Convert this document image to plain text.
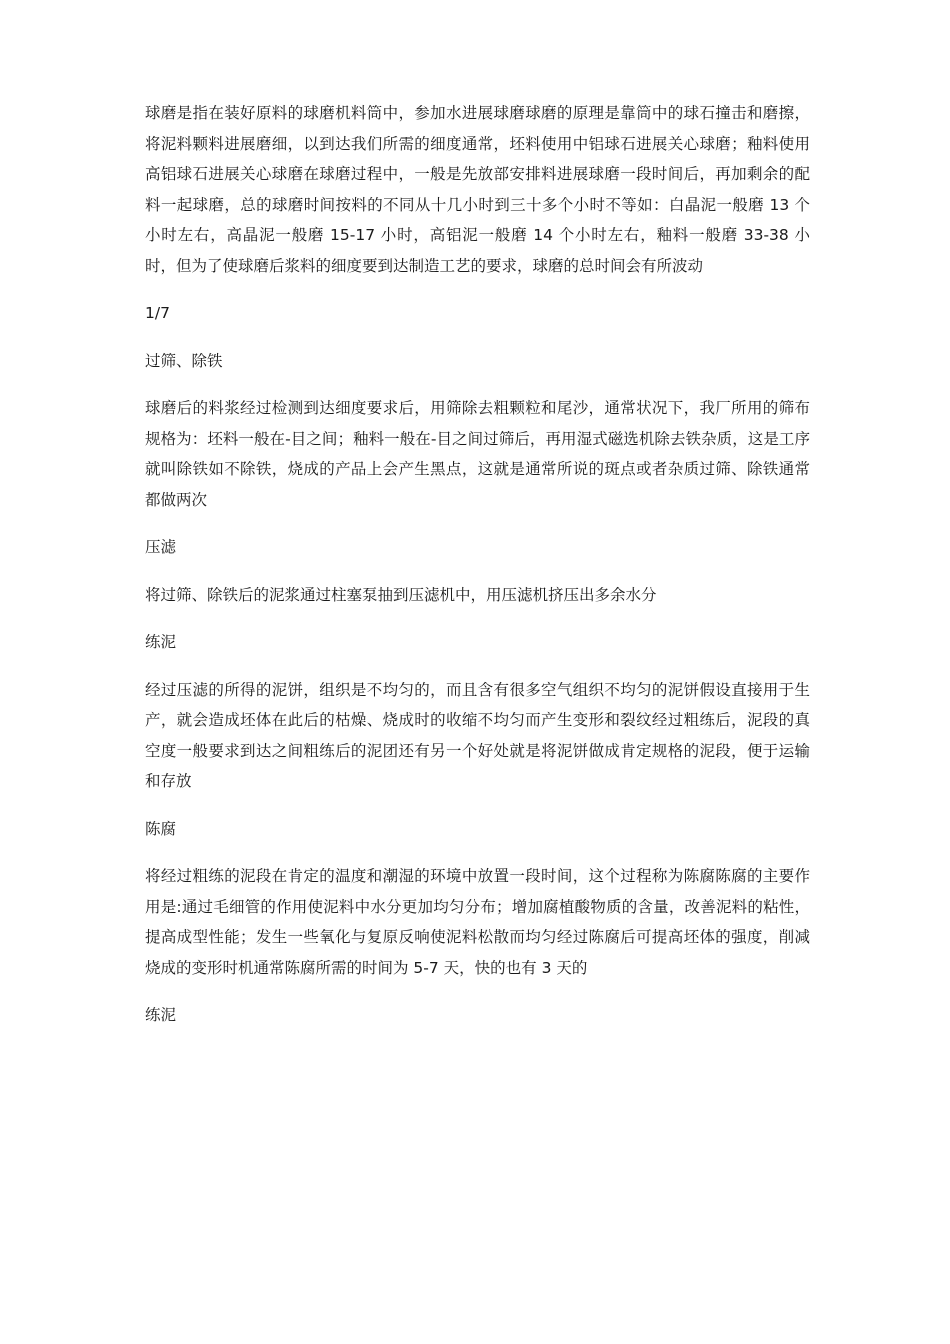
球磨是指在装好原料的球磨机料筒中，参加水进展球磨球磨的原理是靠筒中的球石撞击和磨擦，将泥料颗料进展磨细，以到达我们所需的细度通常，坯料使用中铝球石进展关心球磨；釉料使用高铝球石进展关心球磨在球磨过程中，一般是先放部安排料进展球磨一段时间后，再加剩余的配料一起球磨，总的球磨时间按料的不同从十几小时到三十多个小时不等如：白晶泥一般磨 13 个小时左右，高晶泥一般磨 15-17 小时，高铝泥一般磨 14 个小时左右，釉料一般磨 33-38 小时，但为了使球磨后浆料的细度要到达制造工艺的要求，球磨的总时间会有所波动

1/7

过筛、除铁

球磨后的料浆经过检测到达细度要求后，用筛除去粗颗粒和尾沙，通常状况下，我厂所用的筛布规格为：坯料一般在-目之间；釉料一般在-目之间过筛后，再用湿式磁选机除去铁杂质，这是工序就叫除铁如不除铁，烧成的产品上会产生黑点，这就是通常所说的斑点或者杂质过筛、除铁通常都做两次

压滤

将过筛、除铁后的泥浆通过柱塞泵抽到压滤机中，用压滤机挤压出多余水分

练泥

经过压滤的所得的泥饼，组织是不均匀的，而且含有很多空气组织不均匀的泥饼假设直接用于生产，就会造成坯体在此后的枯燥、烧成时的收缩不均匀而产生变形和裂纹经过粗练后，泥段的真空度一般要求到达之间粗练后的泥团还有另一个好处就是将泥饼做成肯定规格的泥段，便于运输和存放

陈腐

将经过粗练的泥段在肯定的温度和潮湿的环境中放置一段时间，这个过程称为陈腐陈腐的主要作用是:通过毛细管的作用使泥料中水分更加均匀分布；增加腐植酸物质的含量，改善泥料的粘性，提高成型性能；发生一些氧化与复原反响使泥料松散而均匀经过陈腐后可提高坯体的强度，削减烧成的变形时机通常陈腐所需的时间为 5-7 天，快的也有 3 天的

练泥
